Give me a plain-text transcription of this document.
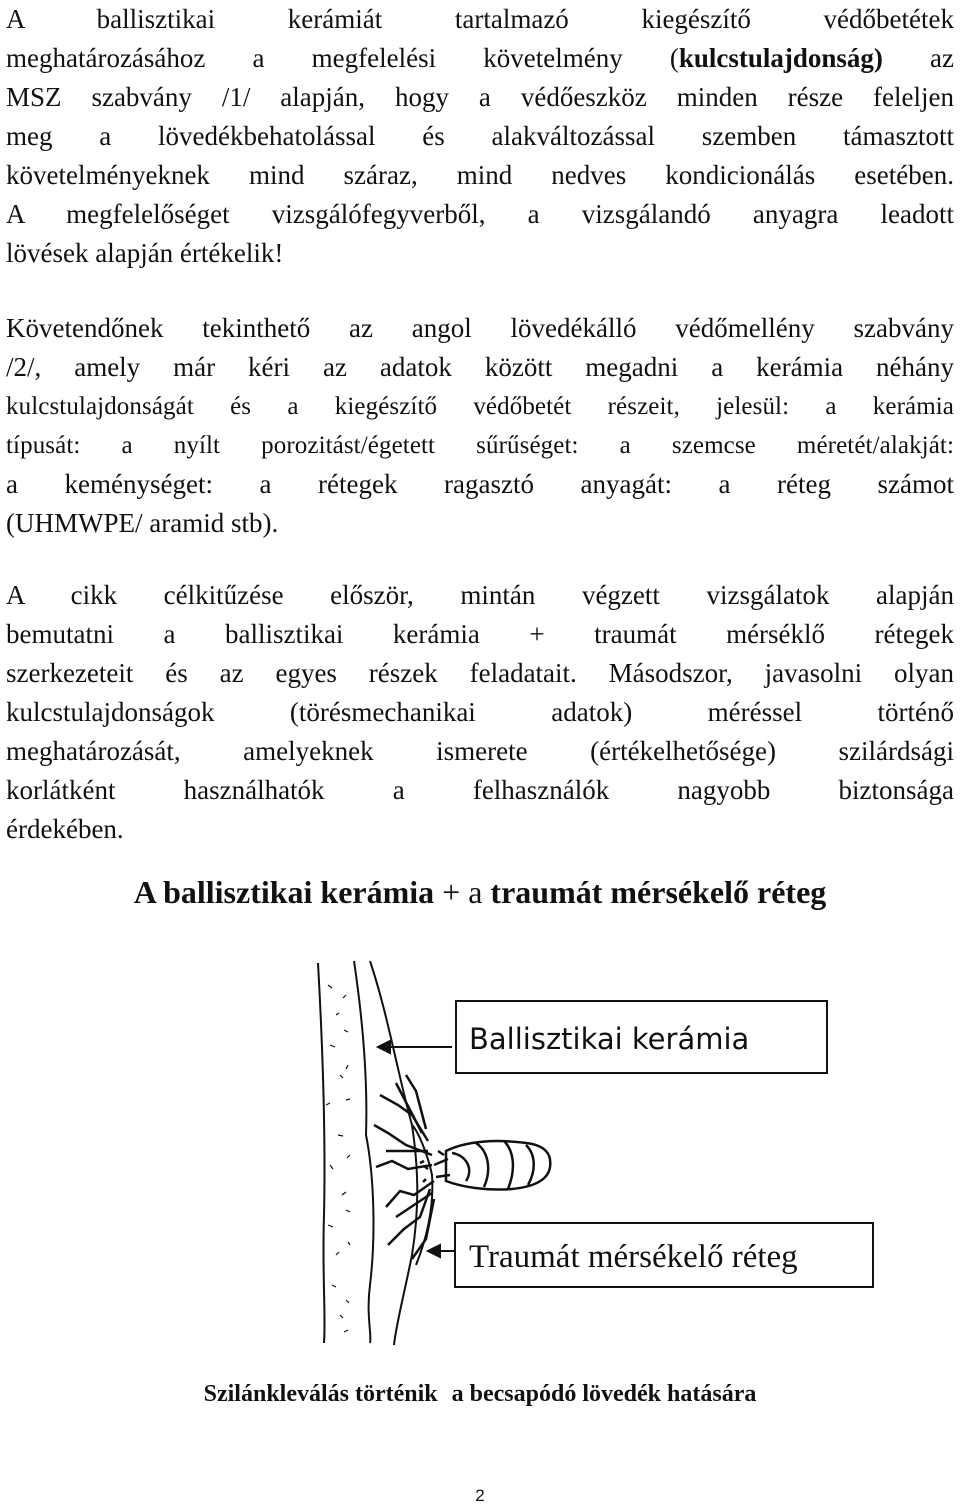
A ballisztikai kerámiát tartalmazó kiegészítő védőbetétek
meghatározásához a megfelelési követelmény (kulcstulajdonság) az
MSZ szabvány /1/ alapján, hogy a védőeszköz minden része feleljen
meg a lövedékbehatolással és alakváltozással szemben támasztott
követelményeknek mind száraz, mind nedves kondicionálás esetében.
A megfelelőséget vizsgálófegyverből, a vizsgálandó anyagra leadott
lövések alapján értékelik!
Követendőnek tekinthető az angol lövedékálló védőmellény szabvány
/2/, amely már kéri az adatok között megadni a kerámia néhány
kulcstulajdonságát és a kiegészítő védőbetét részeit, jelesül: a kerámia
típusát: a nyílt porozitást/égetett sűrűséget: a szemcse méretét/alakját:
a keménységet: a rétegek ragasztó anyagát: a réteg számot
(UHMWPE/ aramid stb).
A cikk célkitűzése először, mintán végzett vizsgálatok alapján
bemutatni a ballisztikai kerámia + traumát mérséklő rétegek
szerkezeteit és az egyes részek feladatait. Másodszor, javasolni olyan
kulcstulajdonságok (törésmechanikai adatok) méréssel történő
meghatározását, amelyeknek ismerete (értékelhetősége) szilárdsági
korlátként használhatók a felhasználók nagyobb biztonsága
érdekében.
A ballisztikai kerámia + a traumát mérsékelő réteg
Ballisztikai kerámia
Traumát mérsékelő réteg
Szilánkleválás történik a becsapódó lövedék hatására
2
